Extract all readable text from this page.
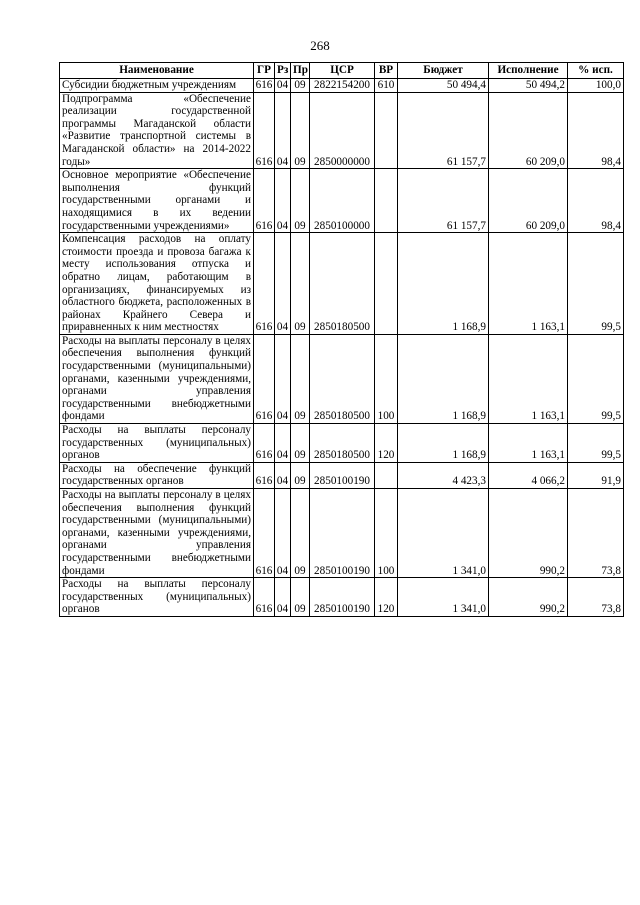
268
Наименование	ГР	Рз	Пр	ЦСР	ВР	Бюджет	Исполнение	% исп.
Субсидии бюджетным учреждениям	616	04	09	2822154200	610	50 494,4	50 494,2	100,0
Подпрограмма «Обеспечение реализации государственной программы Магаданской области «Развитие транспортной системы в Магаданской области» на 2014-2022 годы»	616	04	09	2850000000		61 157,7	60 209,0	98,4
Основное мероприятие «Обеспечение выполнения функций государственными органами и находящимися в их ведении государственными учреждениями»	616	04	09	2850100000		61 157,7	60 209,0	98,4
Компенсация расходов на оплату стоимости проезда и провоза багажа к месту использования отпуска и обратно лицам, работающим в организациях, финансируемых из областного бюджета, расположенных в районах Крайнего Севера и приравненных к ним местностях	616	04	09	2850180500		1 168,9	1 163,1	99,5
Расходы на выплаты персоналу в целях обеспечения выполнения функций государственными (муниципальными) органами, казенными учреждениями, органами управления государственными внебюджетными фондами	616	04	09	2850180500	100	1 168,9	1 163,1	99,5
Расходы на выплаты персоналу государственных (муниципальных) органов	616	04	09	2850180500	120	1 168,9	1 163,1	99,5
Расходы на обеспечение функций государственных органов	616	04	09	2850100190		4 423,3	4 066,2	91,9
Расходы на выплаты персоналу в целях обеспечения выполнения функций государственными (муниципальными) органами, казенными учреждениями, органами управления государственными внебюджетными фондами	616	04	09	2850100190	100	1 341,0	990,2	73,8
Расходы на выплаты персоналу государственных (муниципальных) органов	616	04	09	2850100190	120	1 341,0	990,2	73,8
